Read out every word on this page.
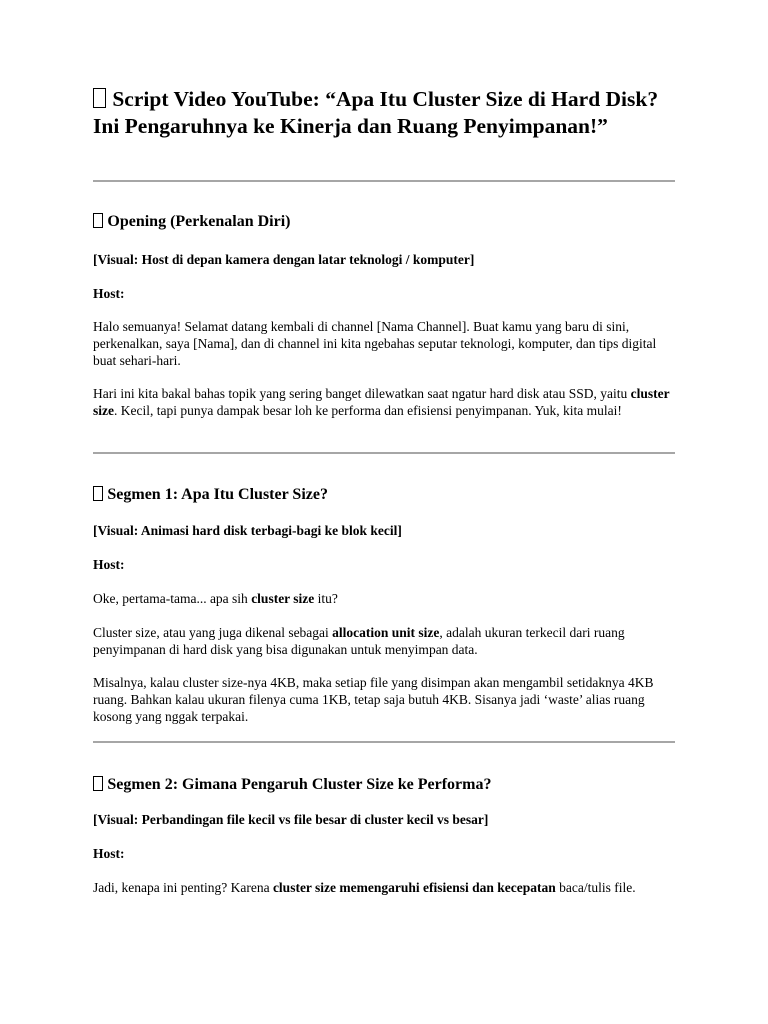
Script Video YouTube: “Apa Itu Cluster Size di Hard Disk? Ini Pengaruhnya ke Kinerja dan Ruang Penyimpanan!”
Opening (Perkenalan Diri)

[Visual: Host di depan kamera dengan latar teknologi / komputer]

Host:

Halo semuanya! Selamat datang kembali di channel [Nama Channel]. Buat kamu yang baru di sini, perkenalkan, saya [Nama], dan di channel ini kita ngebahas seputar teknologi, komputer, dan tips digital buat sehari-hari.

Hari ini kita bakal bahas topik yang sering banget dilewatkan saat ngatur hard disk atau SSD, yaitu cluster size. Kecil, tapi punya dampak besar loh ke performa dan efisiensi penyimpanan. Yuk, kita mulai!

Segmen 1: Apa Itu Cluster Size?

[Visual: Animasi hard disk terbagi-bagi ke blok kecil]

Host:

Oke, pertama-tama... apa sih cluster size itu?

Cluster size, atau yang juga dikenal sebagai allocation unit size, adalah ukuran terkecil dari ruang penyimpanan di hard disk yang bisa digunakan untuk menyimpan data.

Misalnya, kalau cluster size-nya 4KB, maka setiap file yang disimpan akan mengambil setidaknya 4KB ruang. Bahkan kalau ukuran filenya cuma 1KB, tetap saja butuh 4KB. Sisanya jadi ‘waste’ alias ruang kosong yang nggak terpakai.

Segmen 2: Gimana Pengaruh Cluster Size ke Performa?

[Visual: Perbandingan file kecil vs file besar di cluster kecil vs besar]

Host:

Jadi, kenapa ini penting? Karena cluster size memengaruhi efisiensi dan kecepatan baca/tulis file.
